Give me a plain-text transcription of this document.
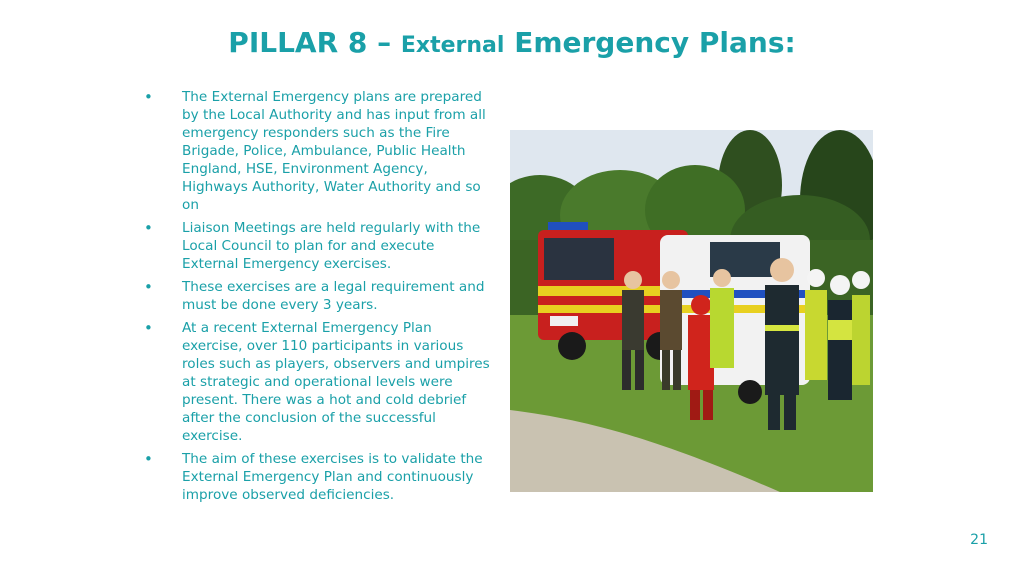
PILLAR 8 – External Emergency Plans:
• The External Emergency plans are prepared by the Local Authority and has input from all emergency responders such as the Fire Brigade, Police, Ambulance, Public Health England, HSE, Environment Agency, Highways Authority, Water Authority and so on
• Liaison Meetings are held regularly with the Local Council to plan for and execute External Emergency exercises.
• These exercises are a legal requirement and must be done every 3 years.
• At a recent External Emergency Plan exercise, over 110 participants in various roles such as players, observers and umpires at strategic and operational levels were present. There was a hot and cold debrief after the conclusion of the successful exercise.
• The aim of these exercises is to validate the External Emergency Plan and continuously improve observed deficiencies.
21
